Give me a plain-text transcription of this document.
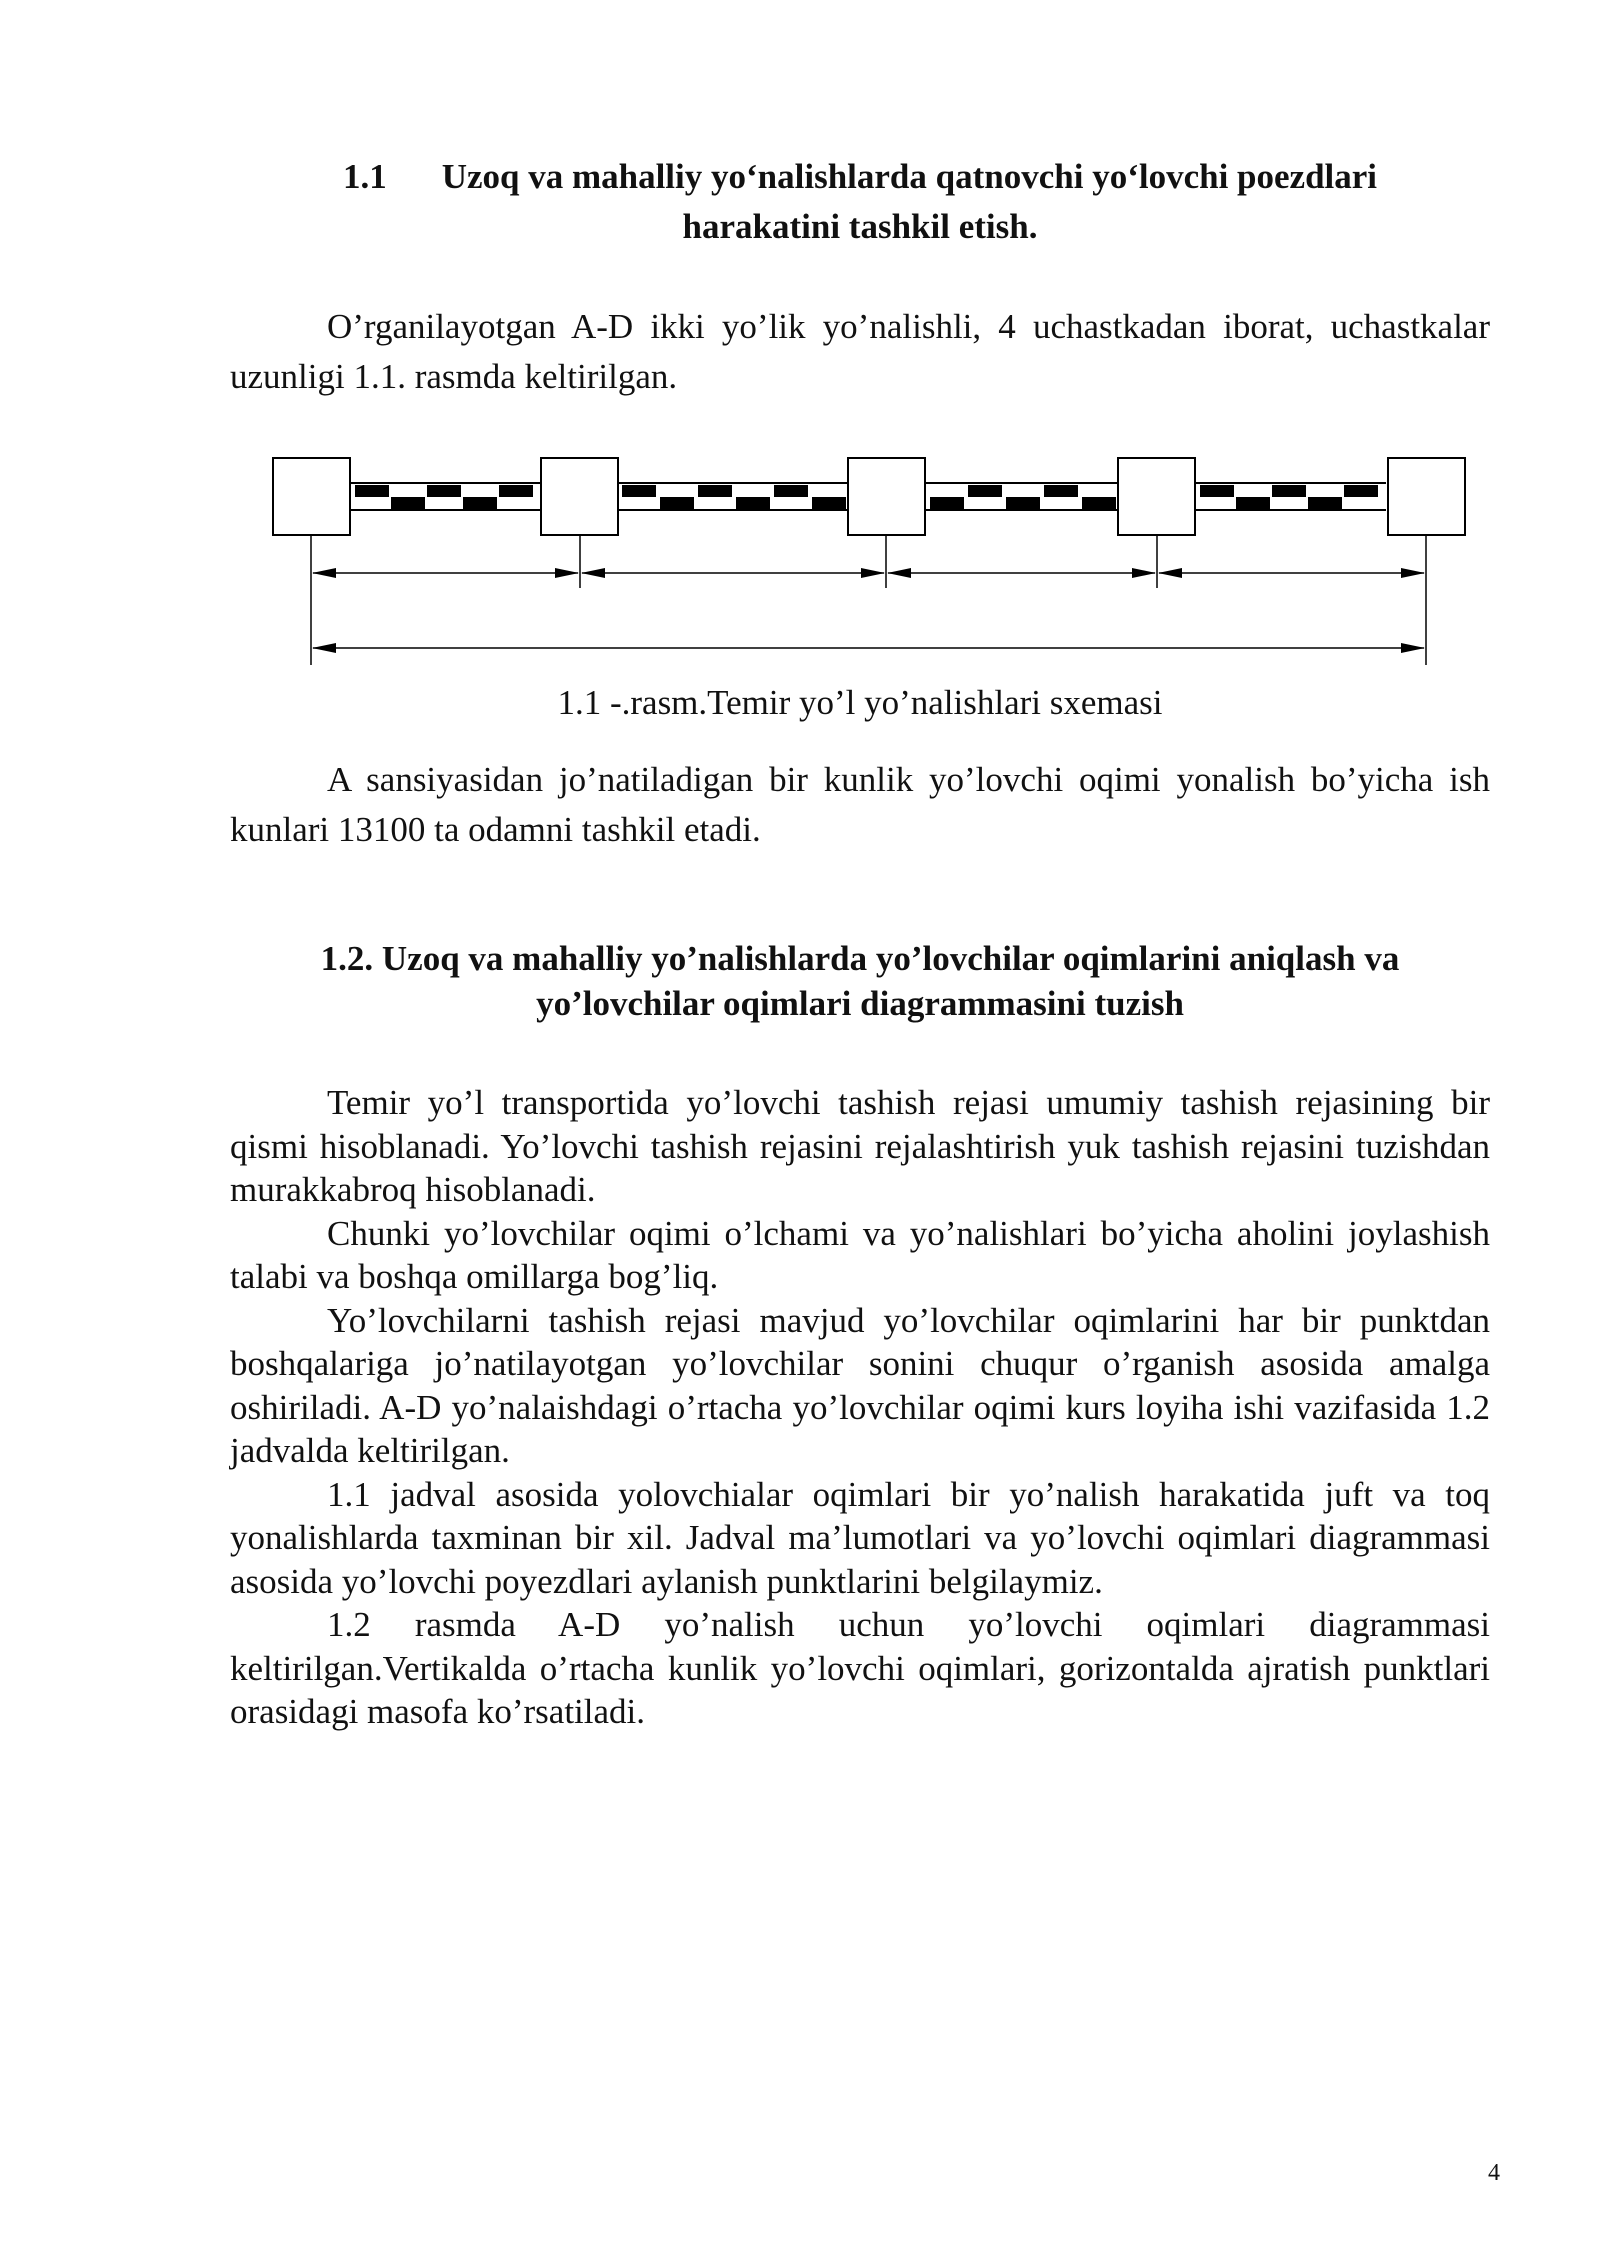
1.1 Uzoq va mahalliy yo‘nalishlarda qatnovchi yo‘lovchi poezdlari
harakatini tashkil etish.

O’rganilayotgan A-D ikki yo’lik yo’nalishli, 4 uchastkadan iborat, uchastkalar uzunligi 1.1. rasmda keltirilgan.

1.1 -.rasm.Temir yo’l yo’nalishlari sxemasi

A sansiyasidan jo’natiladigan bir kunlik yo’lovchi oqimi yonalish bo’yicha ish kunlari 13100 ta odamni tashkil etadi.

1.2. Uzoq va mahalliy yo’nalishlarda yo’lovchilar oqimlarini aniqlash va
yo’lovchilar oqimlari diagrammasini tuzish
Temir yo’l transportida yo’lovchi tashish rejasi umumiy tashish rejasining bir qismi hisoblanadi. Yo’lovchi tashish rejasini rejalashtirish yuk tashish rejasini tuzishdan murakkabroq hisoblanadi.
Chunki yo’lovchilar oqimi o’lchami va yo’nalishlari bo’yicha aholini joylashish talabi va boshqa omillarga bog’liq.
Yo’lovchilarni tashish rejasi mavjud yo’lovchilar oqimlarini har bir punktdan boshqalariga jo’natilayotgan yo’lovchilar sonini chuqur o’rganish asosida amalga oshiriladi. A-D yo’nalaishdagi o’rtacha yo’lovchilar oqimi kurs loyiha ishi vazifasida 1.2 jadvalda keltirilgan.
1.1 jadval asosida yolovchialar oqimlari bir yo’nalish harakatida juft va toq yonalishlarda taxminan bir xil. Jadval ma’lumotlari va yo’lovchi oqimlari diagrammasi asosida yo’lovchi poyezdlari aylanish punktlarini belgilaymiz.
1.2 rasmda A-D yo’nalish uchun yo’lovchi oqimlari diagrammasi keltirilgan.Vertikalda o’rtacha kunlik yo’lovchi oqimlari, gorizontalda ajratish punktlari orasidagi masofa ko’rsatiladi.
4
